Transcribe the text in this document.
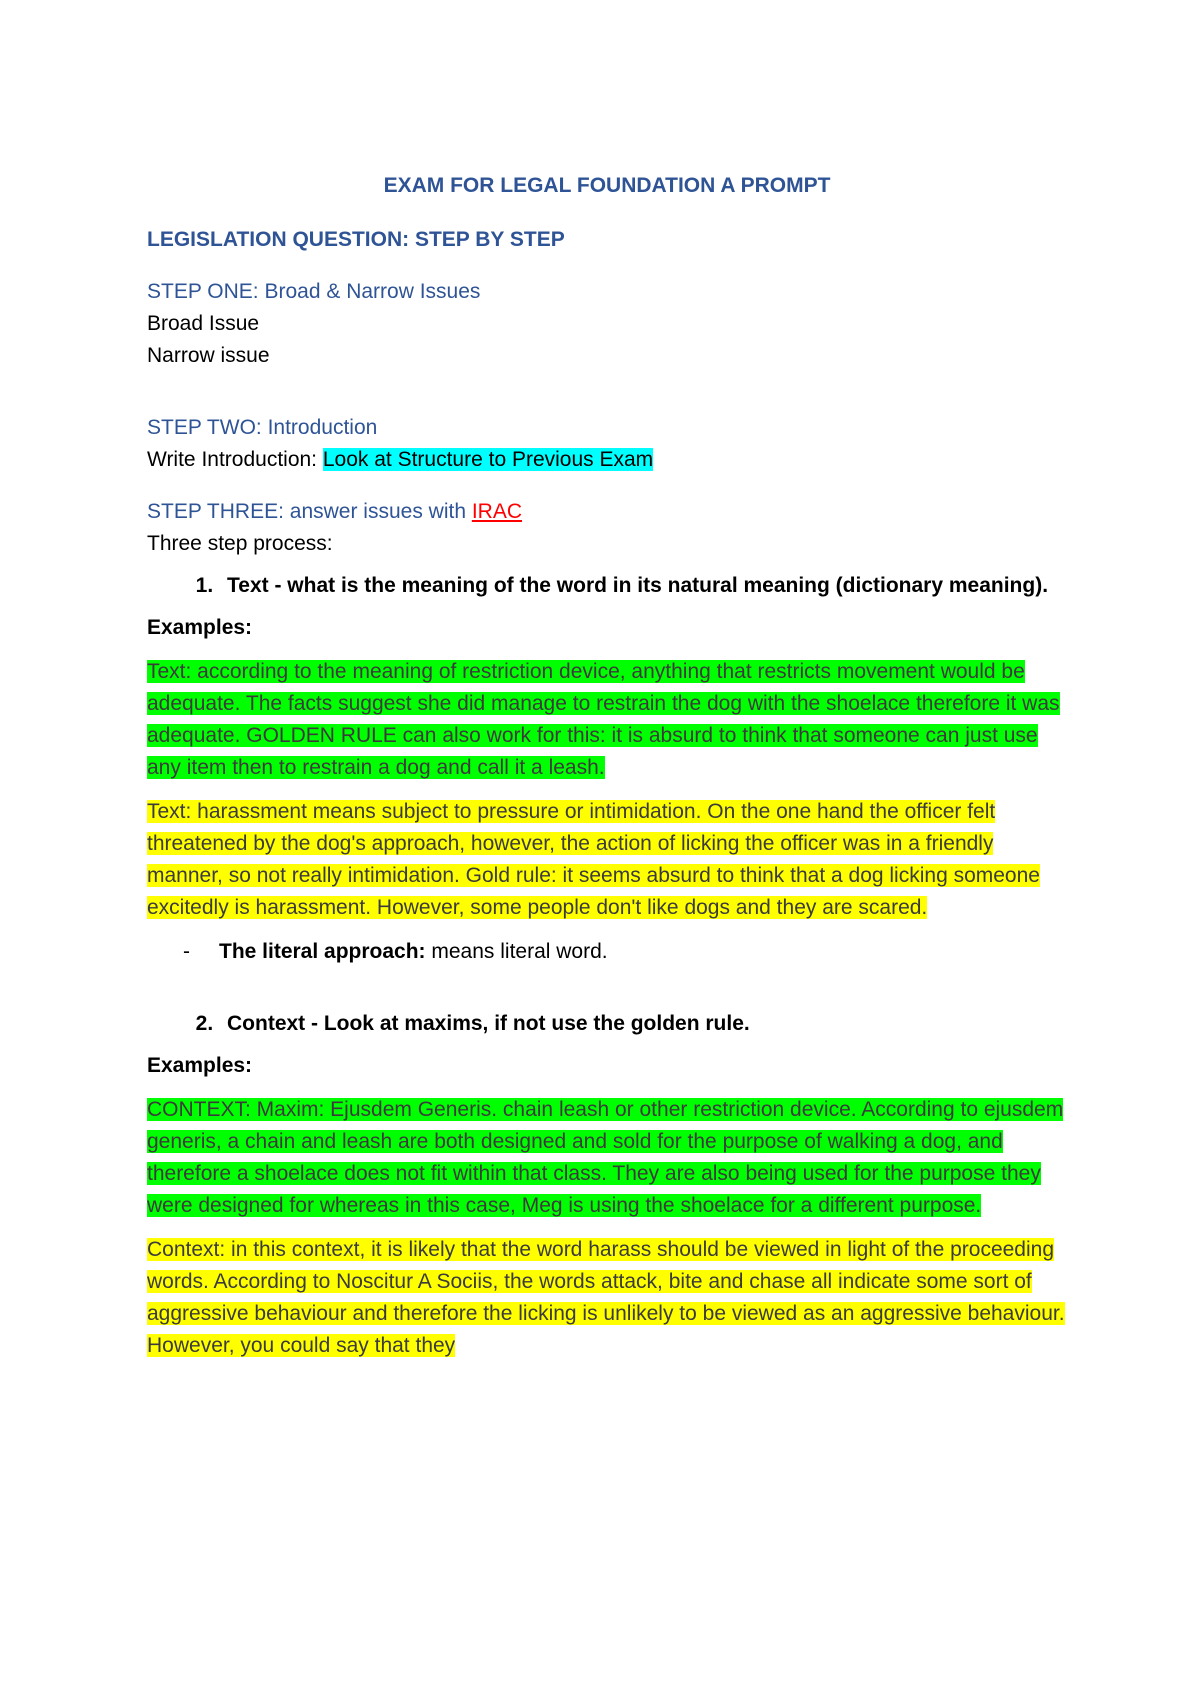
EXAM FOR LEGAL FOUNDATION A PROMPT

LEGISLATION QUESTION: STEP BY STEP

STEP ONE: Broad & Narrow Issues

Broad Issue

Narrow issue

STEP TWO: Introduction

Write Introduction: Look at Structure to Previous Exam

STEP THREE: answer issues with IRAC

Three step process:

1. Text - what is the meaning of the word in its natural meaning (dictionary meaning).

Examples:

Text: according to the meaning of restriction device, anything that restricts movement would be adequate. The facts suggest she did manage to restrain the dog with the shoelace therefore it was adequate. GOLDEN RULE can also work for this: it is absurd to think that someone can just use any item then to restrain a dog and call it a leash.

Text: harassment means subject to pressure or intimidation. On the one hand the officer felt threatened by the dog's approach, however, the action of licking the officer was in a friendly manner, so not really intimidation. Gold rule: it seems absurd to think that a dog licking someone excitedly is harassment. However, some people don't like dogs and they are scared.

- The literal approach: means literal word.

2. Context - Look at maxims, if not use the golden rule.

Examples:

CONTEXT: Maxim: Ejusdem Generis. chain leash or other restriction device. According to ejusdem generis, a chain and leash are both designed and sold for the purpose of walking a dog, and therefore a shoelace does not fit within that class. They are also being used for the purpose they were designed for whereas in this case, Meg is using the shoelace for a different purpose.

Context: in this context, it is likely that the word harass should be viewed in light of the proceeding words. According to Noscitur A Sociis, the words attack, bite and chase all indicate some sort of aggressive behaviour and therefore the licking is unlikely to be viewed as an aggressive behaviour. However, you could say that they
